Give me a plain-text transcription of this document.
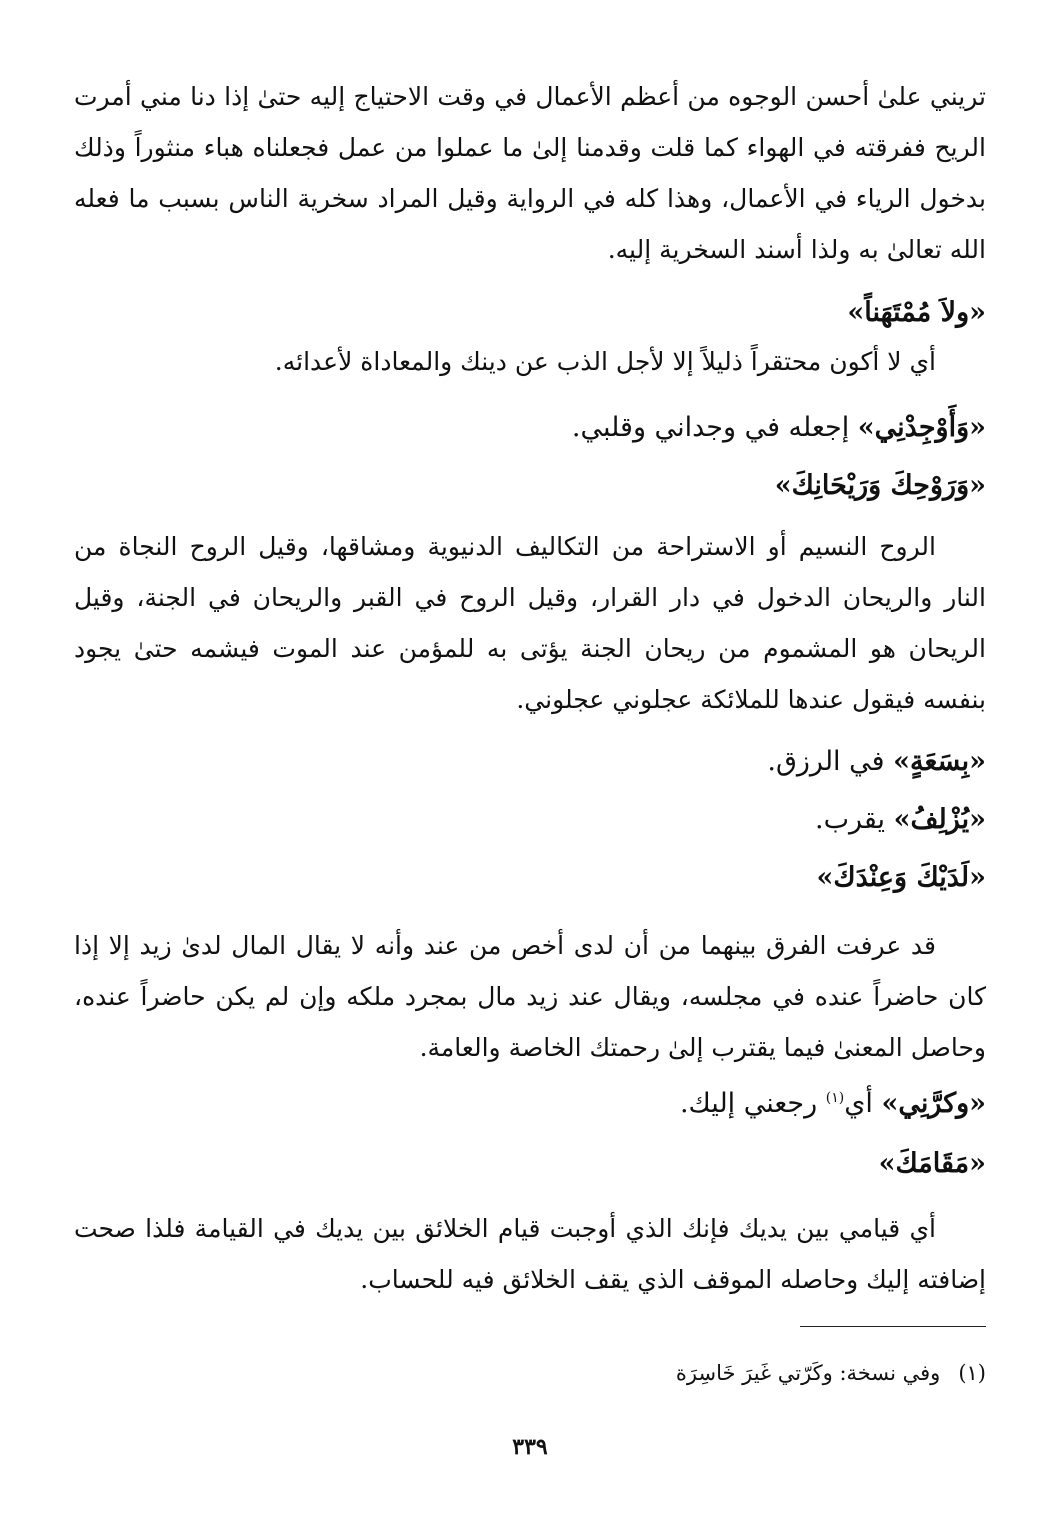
تريني علىٰ أحسن الوجوه من أعظم الأعمال في وقت الاحتياج إليه حتىٰ إذا دنا مني أمرت الريح ففرقته في الهواء كما قلت وقدمنا إلىٰ ما عملوا من عمل فجعلناه هباء منثوراً وذلك بدخول الرياء في الأعمال، وهذا كله في الرواية وقيل المراد سخرية الناس بسبب ما فعله الله تعالىٰ به ولذا أسند السخرية إليه.

«ولاَ مُمْتَهَناً»

أي لا أكون محتقراً ذليلاً إلا لأجل الذب عن دينك والمعاداة لأعدائه.

«وَأَوْجِدْنِي» إجعله في وجداني وقلبي.

«وَرَوْحِكَ وَرَيْحَانِكَ»

الروح النسيم أو الاستراحة من التكاليف الدنيوية ومشاقها، وقيل الروح النجاة من النار والريحان الدخول في دار القرار، وقيل الروح في القبر والريحان في الجنة، وقيل الريحان هو المشموم من ريحان الجنة يؤتى به للمؤمن عند الموت فيشمه حتىٰ يجود بنفسه فيقول عندها للملائكة عجلوني عجلوني.

«بِسَعَةٍ» في الرزق.

«يُزْلِفُ» يقرب.

«لَدَيْكَ وَعِنْدَكَ»

قد عرفت الفرق بينهما من أن لدى أخص من عند وأنه لا يقال المال لدىٰ زيد إلا إذا كان حاضراً عنده في مجلسه، ويقال عند زيد مال بمجرد ملكه وإن لم يكن حاضراً عنده، وحاصل المعنىٰ فيما يقترب إلىٰ رحمتك الخاصة والعامة.

«وكرَّنِي» أي$^{(١)}$ رجعني إليك.

«مَقَامَكَ»

أي قيامي بين يديك فإنك الذي أوجبت قيام الخلائق بين يديك في القيامة فلذا صحت إضافته إليك وحاصله الموقف الذي يقف الخلائق فيه للحساب.

(١)وفي نسخة: وكَرّتي غَيرَ خَاسِرَة

٣٣٩
